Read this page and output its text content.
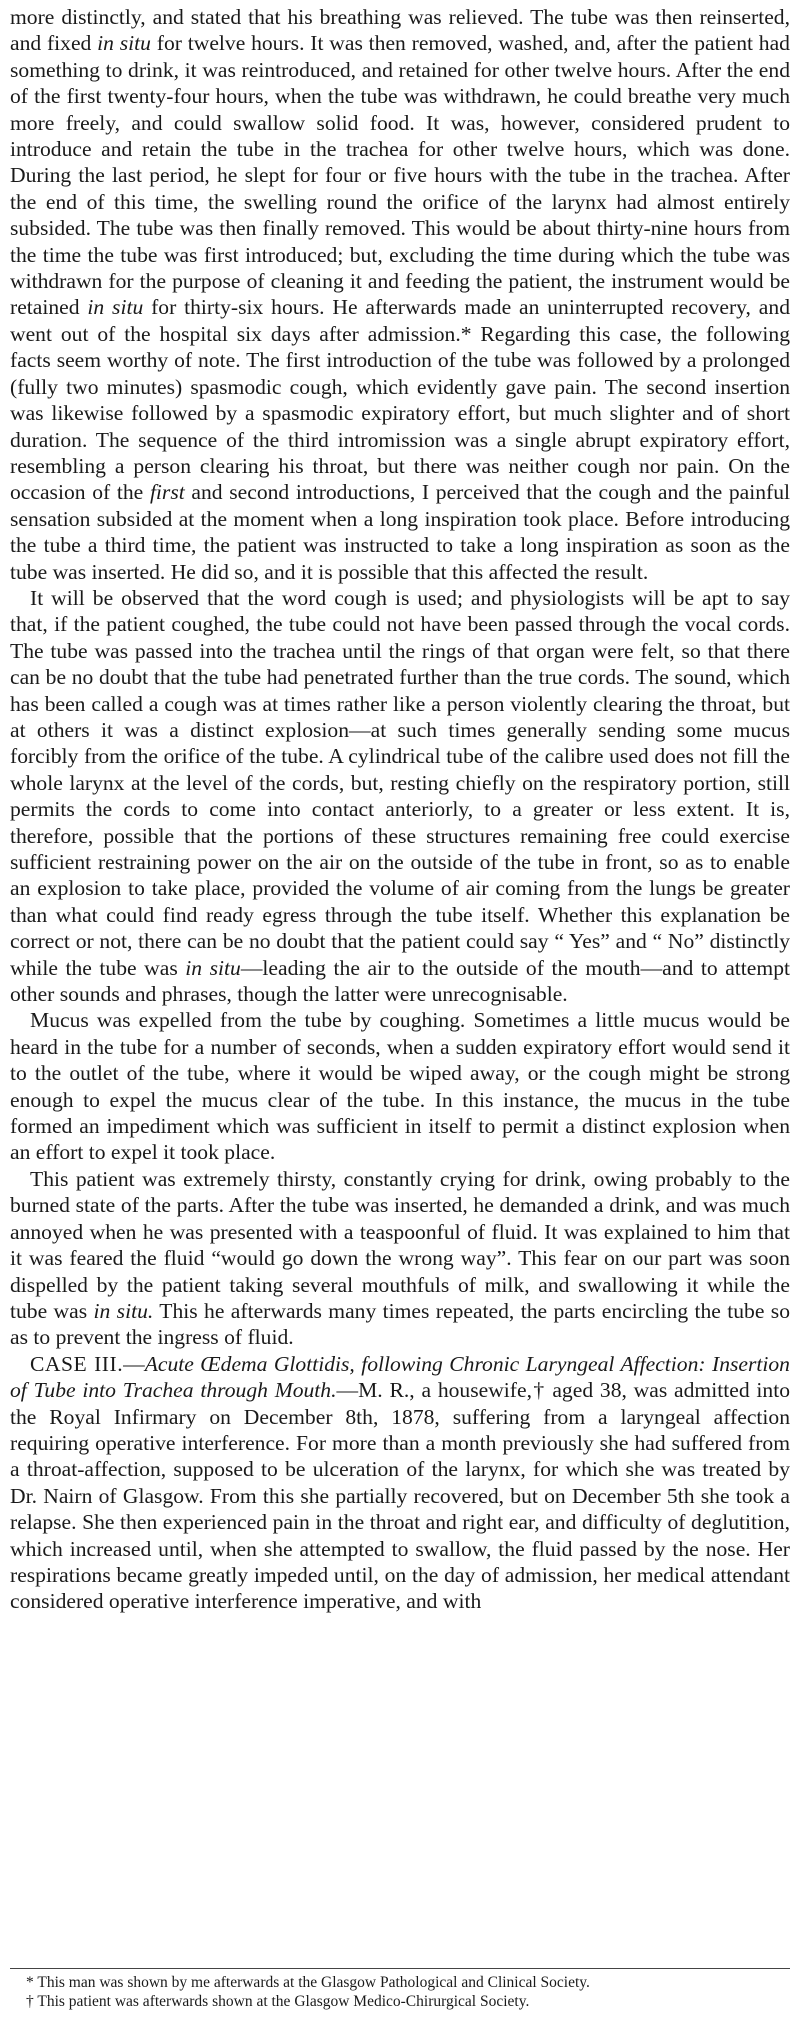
more distinctly, and stated that his breathing was relieved. The tube was then reinserted, and fixed in situ for twelve hours. It was then removed, washed, and, after the patient had something to drink, it was reintroduced, and retained for other twelve hours. After the end of the first twenty-four hours, when the tube was withdrawn, he could breathe very much more freely, and could swallow solid food. It was, however, considered prudent to introduce and retain the tube in the trachea for other twelve hours, which was done. During the last period, he slept for four or five hours with the tube in the trachea. After the end of this time, the swelling round the orifice of the larynx had almost entirely subsided. The tube was then finally removed. This would be about thirty-nine hours from the time the tube was first introduced; but, excluding the time during which the tube was withdrawn for the purpose of cleaning it and feeding the patient, the instrument would be retained in situ for thirty-six hours. He afterwards made an uninterrupted recovery, and went out of the hospital six days after admission.* Regarding this case, the following facts seem worthy of note. The first introduction of the tube was followed by a prolonged (fully two minutes) spasmodic cough, which evidently gave pain. The second insertion was likewise followed by a spasmodic expiratory effort, but much slighter and of short duration. The sequence of the third intromission was a single abrupt expiratory effort, resembling a person clearing his throat, but there was neither cough nor pain. On the occasion of the first and second introductions, I perceived that the cough and the painful sensation subsided at the moment when a long inspiration took place. Before introducing the tube a third time, the patient was instructed to take a long inspiration as soon as the tube was inserted. He did so, and it is possible that this affected the result.

It will be observed that the word cough is used; and physiologists will be apt to say that, if the patient coughed, the tube could not have been passed through the vocal cords. The tube was passed into the trachea until the rings of that organ were felt, so that there can be no doubt that the tube had penetrated further than the true cords. The sound, which has been called a cough was at times rather like a person violently clearing the throat, but at others it was a distinct explosion—at such times generally sending some mucus forcibly from the orifice of the tube. A cylindrical tube of the calibre used does not fill the whole larynx at the level of the cords, but, resting chiefly on the respiratory portion, still permits the cords to come into contact anteriorly, to a greater or less extent. It is, therefore, possible that the portions of these structures remaining free could exercise sufficient restraining power on the air on the outside of the tube in front, so as to enable an explosion to take place, provided the volume of air coming from the lungs be greater than what could find ready egress through the tube itself. Whether this explanation be correct or not, there can be no doubt that the patient could say “ Yes” and “ No” distinctly while the tube was in situ—leading the air to the outside of the mouth—and to attempt other sounds and phrases, though the latter were unrecognisable.

Mucus was expelled from the tube by coughing. Sometimes a little mucus would be heard in the tube for a number of seconds, when a sudden expiratory effort would send it to the outlet of the tube, where it would be wiped away, or the cough might be strong enough to expel the mucus clear of the tube. In this instance, the mucus in the tube formed an impediment which was sufficient in itself to permit a distinct explosion when an effort to expel it took place.

This patient was extremely thirsty, constantly crying for drink, owing probably to the burned state of the parts. After the tube was inserted, he demanded a drink, and was much annoyed when he was presented with a teaspoonful of fluid. It was explained to him that it was feared the fluid “would go down the wrong way”. This fear on our part was soon dispelled by the patient taking several mouthfuls of milk, and swallowing it while the tube was in situ. This he afterwards many times repeated, the parts encircling the tube so as to prevent the ingress of fluid.

CASE III.—Acute Œdema Glottidis, following Chronic Laryngeal Affection: Insertion of Tube into Trachea through Mouth.—M. R., a housewife,† aged 38, was admitted into the Royal Infirmary on December 8th, 1878, suffering from a laryngeal affection requiring operative interference. For more than a month previously she had suffered from a throat-affection, supposed to be ulceration of the larynx, for which she was treated by Dr. Nairn of Glasgow. From this she partially recovered, but on December 5th she took a relapse. She then experienced pain in the throat and right ear, and difficulty of deglutition, which increased until, when she attempted to swallow, the fluid passed by the nose. Her respirations became greatly impeded until, on the day of admission, her medical attendant considered operative interference imperative, and with

* This man was shown by me afterwards at the Glasgow Pathological and Clinical Society.

† This patient was afterwards shown at the Glasgow Medico-Chirurgical Society.
